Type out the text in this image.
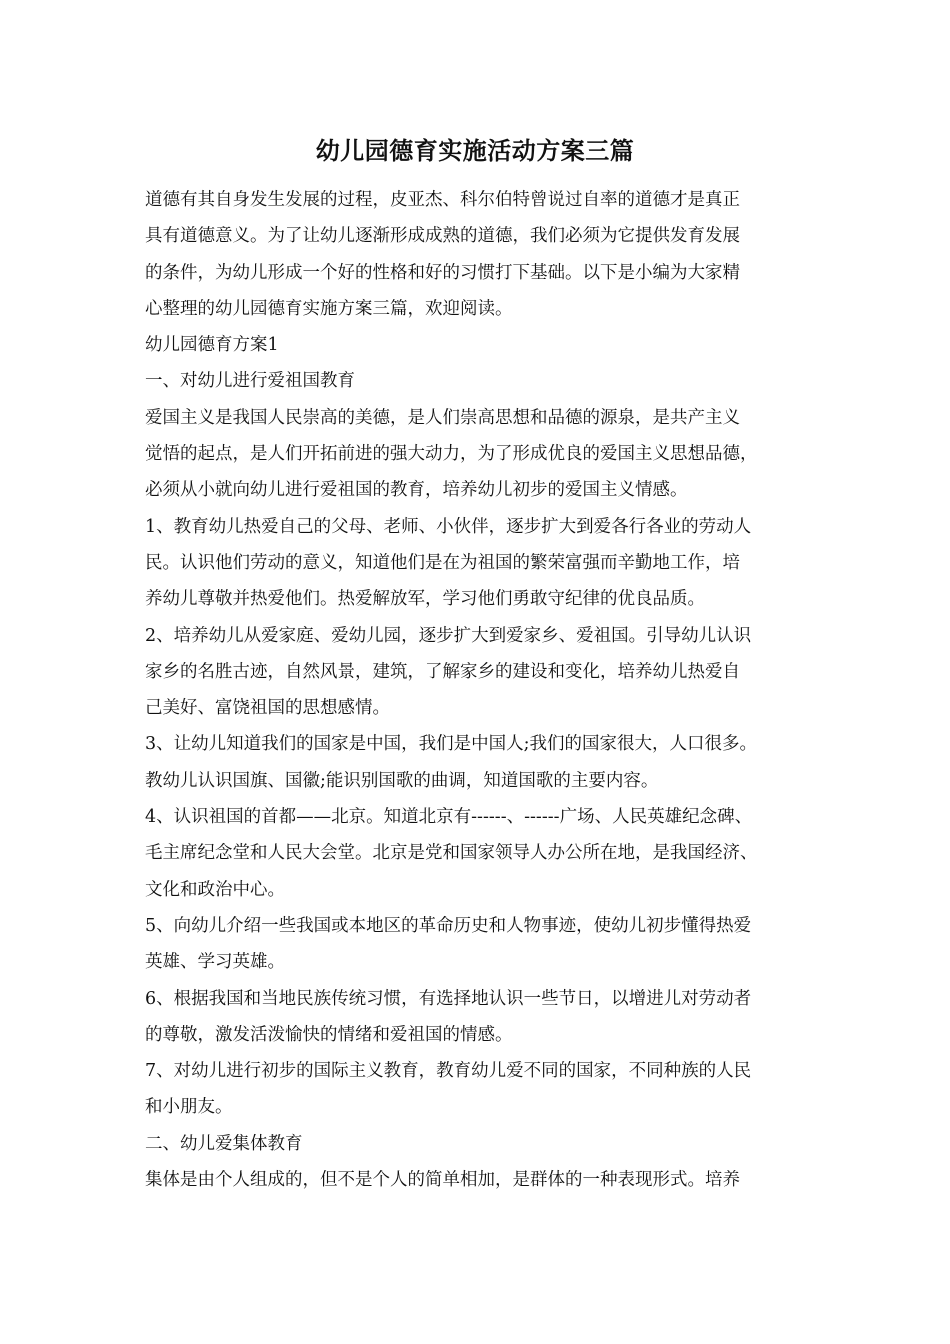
幼儿园德育实施活动方案三篇
道德有其自身发生发展的过程，皮亚杰、科尔伯特曾说过自率的道德才是真正
具有道德意义。为了让幼儿逐渐形成成熟的道德，我们必须为它提供发育发展
的条件，为幼儿形成一个好的性格和好的习惯打下基础。以下是小编为大家精
心整理的幼儿园德育实施方案三篇，欢迎阅读。
幼儿园德育方案1
一、对幼儿进行爱祖国教育
爱国主义是我国人民崇高的美德，是人们崇高思想和品德的源泉，是共产主义
觉悟的起点，是人们开拓前进的强大动力，为了形成优良的爱国主义思想品德，
必须从小就向幼儿进行爱祖国的教育，培养幼儿初步的爱国主义情感。
1、教育幼儿热爱自己的父母、老师、小伙伴，逐步扩大到爱各行各业的劳动人
民。认识他们劳动的意义，知道他们是在为祖国的繁荣富强而辛勤地工作，培
养幼儿尊敬并热爱他们。热爱解放军，学习他们勇敢守纪律的优良品质。
2、培养幼儿从爱家庭、爱幼儿园，逐步扩大到爱家乡、爱祖国。引导幼儿认识
家乡的名胜古迹，自然风景，建筑，了解家乡的建设和变化，培养幼儿热爱自
己美好、富饶祖国的思想感情。
3、让幼儿知道我们的国家是中国，我们是中国人;我们的国家很大，人口很多。
教幼儿认识国旗、国徽;能识别国歌的曲调，知道国歌的主要内容。
4、认识祖国的首都——北京。知道北京有------、------广场、人民英雄纪念碑、
毛主席纪念堂和人民大会堂。北京是党和国家领导人办公所在地，是我国经济、
文化和政治中心。
5、向幼儿介绍一些我国或本地区的革命历史和人物事迹，使幼儿初步懂得热爱
英雄、学习英雄。
6、根据我国和当地民族传统习惯，有选择地认识一些节日，以增进儿对劳动者
的尊敬，激发活泼愉快的情绪和爱祖国的情感。
7、对幼儿进行初步的国际主义教育，教育幼儿爱不同的国家，不同种族的人民
和小朋友。
二、幼儿爱集体教育
集体是由个人组成的，但不是个人的简单相加，是群体的一种表现形式。培养
